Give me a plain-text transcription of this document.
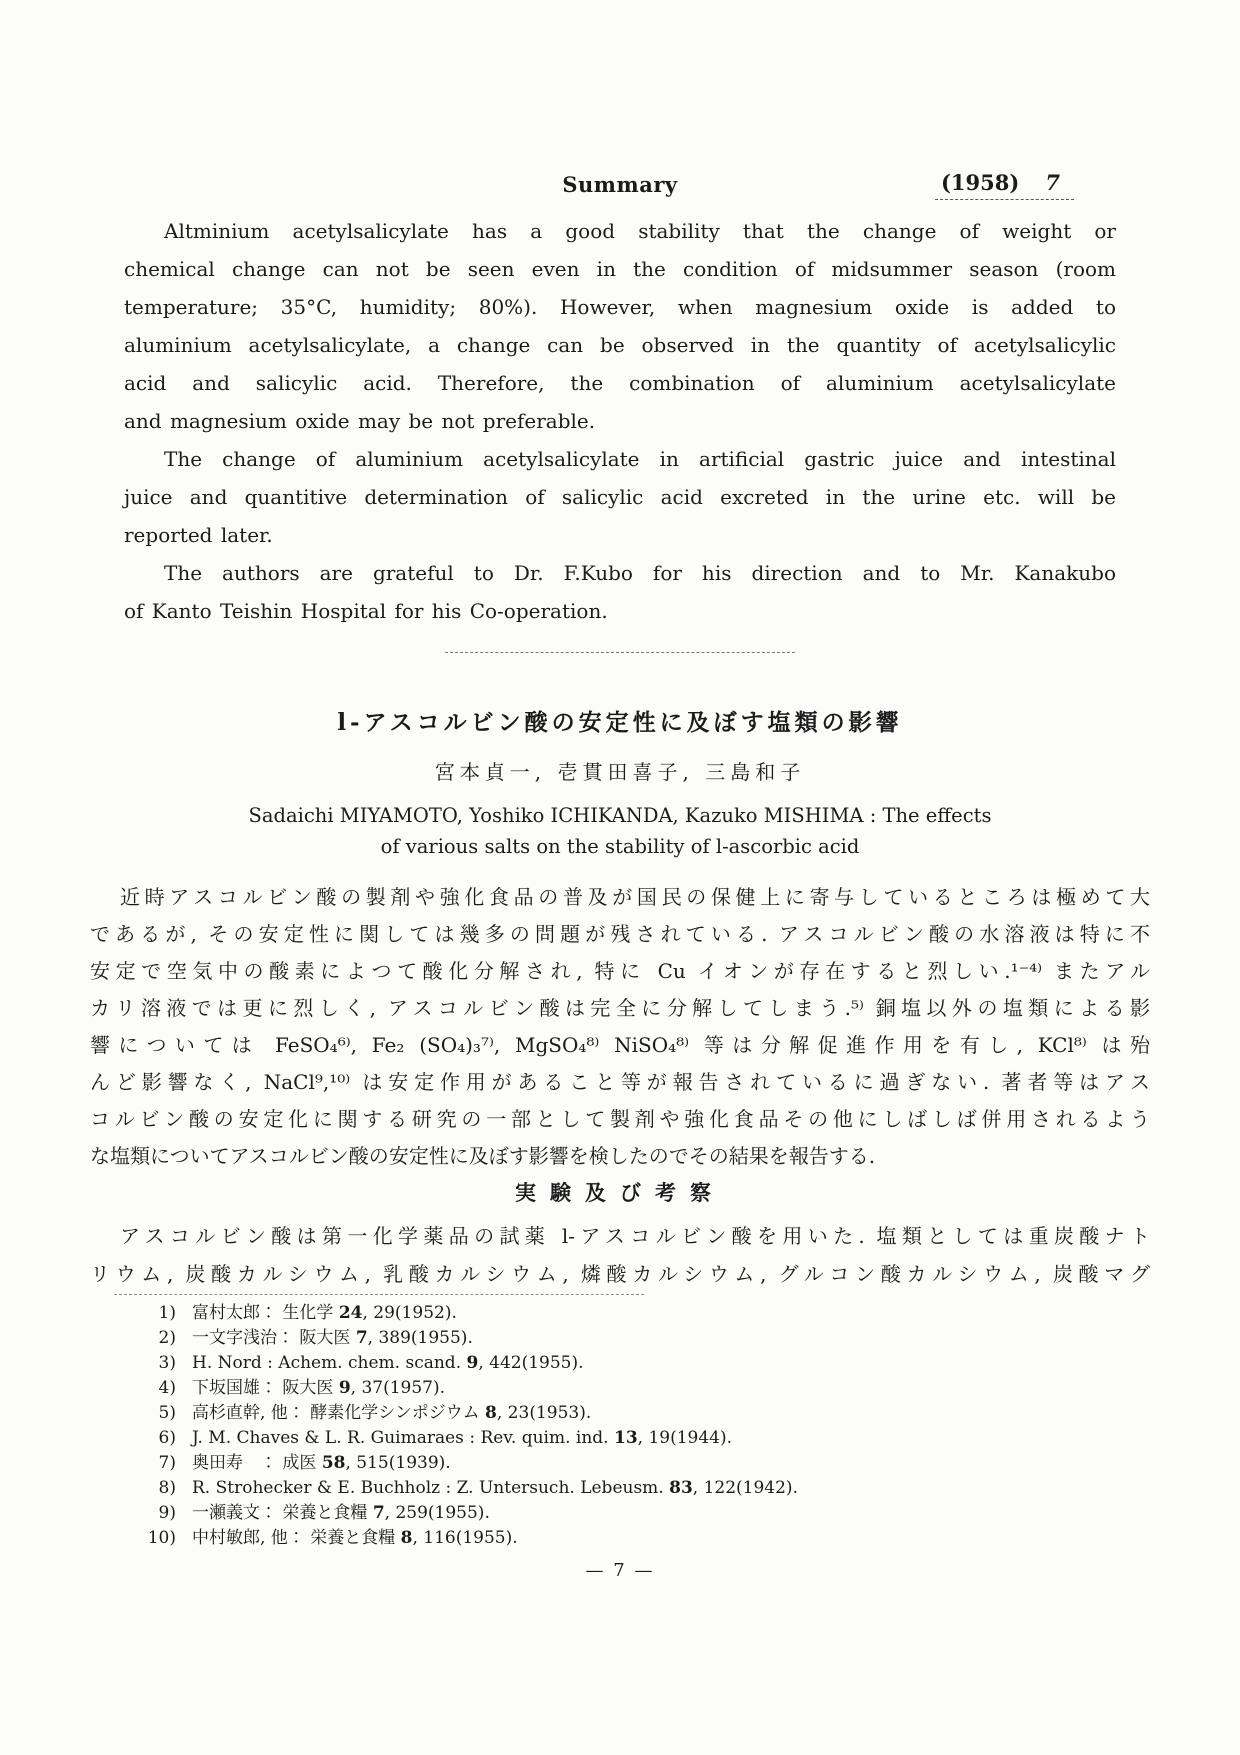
(1958) 7
Summary
Altminium acetylsalicylate has a good stability that the change of weight or
chemical change can not be seen even in the condition of midsummer season (room
temperature; 35°C, humidity; 80%). However, when magnesium oxide is added to
aluminium acetylsalicylate, a change can be observed in the quantity of acetylsalicylic
acid and salicylic acid. Therefore, the combination of aluminium acetylsalicylate
and magnesium oxide may be not preferable.
The change of aluminium acetylsalicylate in artificial gastric juice and intestinal
juice and quantitive determination of salicylic acid excreted in the urine etc. will be
reported later.
The authors are grateful to Dr. F.Kubo for his direction and to Mr. Kanakubo
of Kanto Teishin Hospital for his Co-operation.
l-アスコルビン酸の安定性に及ぼす塩類の影響
宮本貞一, 壱貫田喜子, 三島和子
Sadaichi MIYAMOTO, Yoshiko ICHIKANDA, Kazuko MISHIMA : The effects
of various salts on the stability of l-ascorbic acid
近時アスコルビン酸の製剤や強化食品の普及が国民の保健上に寄与しているところは極めて大
であるが, その安定性に関しては幾多の問題が残されている. アスコルビン酸の水溶液は特に不
安定で空気中の酸素によつて酸化分解され, 特に Cu イオンが存在すると烈しい.¹⁻⁴⁾ またアル
カリ溶液では更に烈しく, アスコルビン酸は完全に分解してしまう.⁵⁾ 銅塩以外の塩類による影
響については FeSO₄⁶⁾, Fe₂ (SO₄)₃⁷⁾, MgSO₄⁸⁾ NiSO₄⁸⁾ 等は分解促進作用を有し, KCl⁸⁾ は殆
んど影響なく, NaCl⁹,¹⁰⁾ は安定作用があること等が報告されているに過ぎない. 著者等はアス
コルビン酸の安定化に関する研究の一部として製剤や強化食品その他にしばしば併用されるよう
な塩類についてアスコルビン酸の安定性に及ぼす影響を検したのでその結果を報告する.
実験及び考察
アスコルビン酸は第一化学薬品の試薬 l-アスコルビン酸を用いた. 塩類としては重炭酸ナト
リウム, 炭酸カルシウム, 乳酸カルシウム, 燐酸カルシウム, グルコン酸カルシウム, 炭酸マグ
1) 富村太郎： 生化学 24, 29(1952).
2) 一文字浅治： 阪大医 7, 389(1955).
3) H. Nord : Achem. chem. scand. 9, 442(1955).
4) 下坂国雄： 阪大医 9, 37(1957).
5) 高杉直幹, 他： 酵素化学シンポジウム 8, 23(1953).
6) J. M. Chaves & L. R. Guimaraes : Rev. quim. ind. 13, 19(1944).
7) 奥田寿　： 成医 58, 515(1939).
8) R. Strohecker & E. Buchholz : Z. Untersuch. Lebeusm. 83, 122(1942).
9) 一瀬義文： 栄養と食糧 7, 259(1955).
10) 中村敏郎, 他： 栄養と食糧 8, 116(1955).
— 7 —
